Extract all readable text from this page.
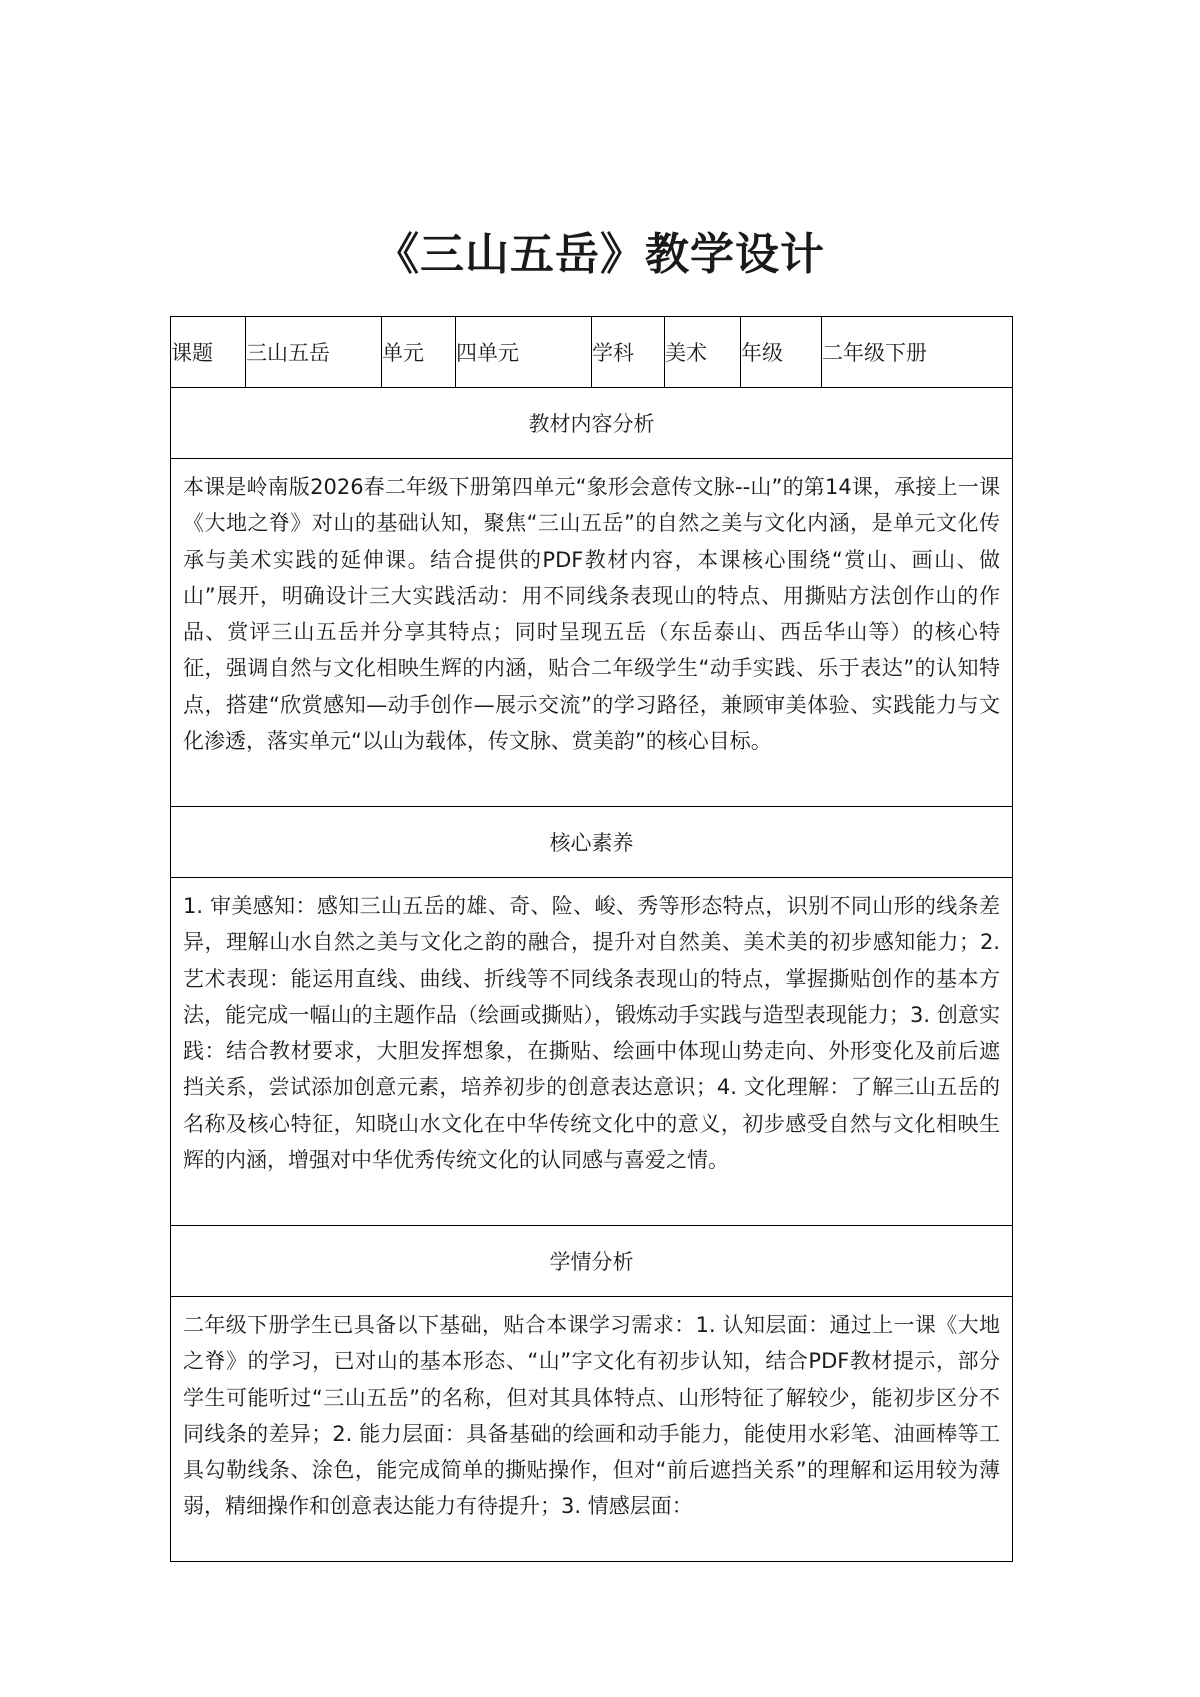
《三山五岳》教学设计
课题	三山五岳	单元	四单元	学科	美术	年级	二年级下册
教材内容分析
本课是岭南版2026春二年级下册第四单元“象形会意传文脉--山”的第14课，承接上一课《大地之脊》对山的基础认知，聚焦“三山五岳”的自然之美与文化内涵，是单元文化传承与美术实践的延伸课。结合提供的PDF教材内容，本课核心围绕“赏山、画山、做山”展开，明确设计三大实践活动：用不同线条表现山的特点、用撕贴方法创作山的作品、赏评三山五岳并分享其特点；同时呈现五岳（东岳泰山、西岳华山等）的核心特征，强调自然与文化相映生辉的内涵，贴合二年级学生“动手实践、乐于表达”的认知特点，搭建“欣赏感知—动手创作—展示交流”的学习路径，兼顾审美体验、实践能力与文化渗透，落实单元“以山为载体，传文脉、赏美韵”的核心目标。
核心素养
1. 审美感知：感知三山五岳的雄、奇、险、峻、秀等形态特点，识别不同山形的线条差异，理解山水自然之美与文化之韵的融合，提升对自然美、美术美的初步感知能力；2. 艺术表现：能运用直线、曲线、折线等不同线条表现山的特点，掌握撕贴创作的基本方法，能完成一幅山的主题作品（绘画或撕贴），锻炼动手实践与造型表现能力；3. 创意实践：结合教材要求，大胆发挥想象，在撕贴、绘画中体现山势走向、外形变化及前后遮挡关系，尝试添加创意元素，培养初步的创意表达意识；4. 文化理解：了解三山五岳的名称及核心特征，知晓山水文化在中华传统文化中的意义，初步感受自然与文化相映生辉的内涵，增强对中华优秀传统文化的认同感与喜爱之情。
学情分析
二年级下册学生已具备以下基础，贴合本课学习需求：1. 认知层面：通过上一课《大地之脊》的学习，已对山的基本形态、“山”字文化有初步认知，结合PDF教材提示，部分学生可能听过“三山五岳”的名称，但对其具体特点、山形特征了解较少，能初步区分不同线条的差异；2. 能力层面：具备基础的绘画和动手能力，能使用水彩笔、油画棒等工具勾勒线条、涂色，能完成简单的撕贴操作，但对“前后遮挡关系”的理解和运用较为薄弱，精细操作和创意表达能力有待提升；3. 情感层面：
